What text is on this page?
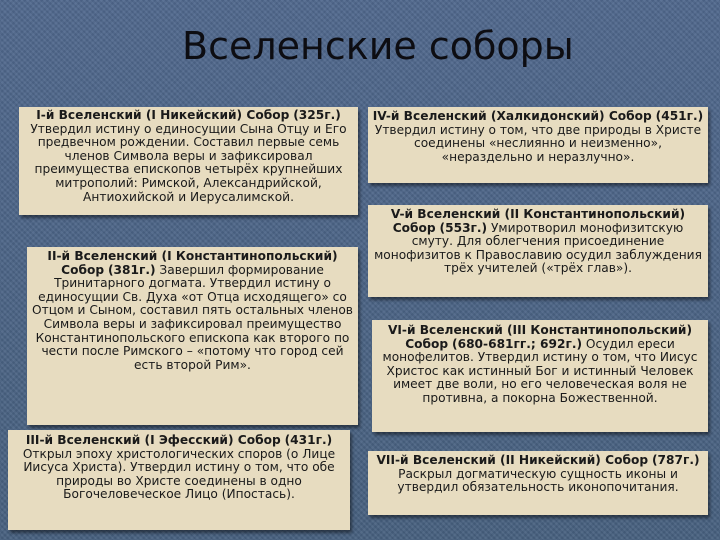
Вселенские соборы

I-й Вселенский (I Никейский) Собор (325г.) Утвердил истину о единосущии Сына Отцу и Его предвечном рождении. Составил первые семь членов Символа веры и зафиксировал преимущества епископов четырёх крупнейших митрополий: Римской, Александрийской, Антиохийской и Иерусалимской.

II-й Вселенский (I Константинопольский) Собор (381г.) Завершил формирование Тринитарного догмата. Утвердил истину о единосущии Св. Духа «от Отца исходящего» со Отцом и Сыном, составил пять остальных членов Символа веры и зафиксировал преимущество Константинопольского епископа как второго по чести после Римского – «потому что город сей есть второй Рим».

III-й Вселенский (I Эфесский) Собор (431г.) Открыл эпоху христологических споров (о Лице Иисуса Христа). Утвердил истину о том, что обе природы во Христе соединены в одно Богочеловеческое Лицо (Ипостась).

IV-й Вселенский (Халкидонский) Собор (451г.) Утвердил истину о том, что две природы в Христе соединены «неслиянно и неизменно», «нераздельно и неразлучно».

V-й Вселенский (II Константинопольский) Собор (553г.) Умиротворил монофизитскую смуту. Для облегчения присоединение монофизитов к Православию осудил заблуждения трёх учителей («трёх глав»).

VI-й Вселенский (III Константинопольский) Собор (680-681гг.; 692г.) Осудил ереси монофелитов. Утвердил истину о том, что Иисус Христос как истинный Бог и истинный Человек имеет две воли, но его человеческая воля не противна, а покорна Божественной.

VII-й Вселенский (II Никейский) Собор (787г.) Раскрыл догматическую сущность иконы и утвердил обязательность иконопочитания.
